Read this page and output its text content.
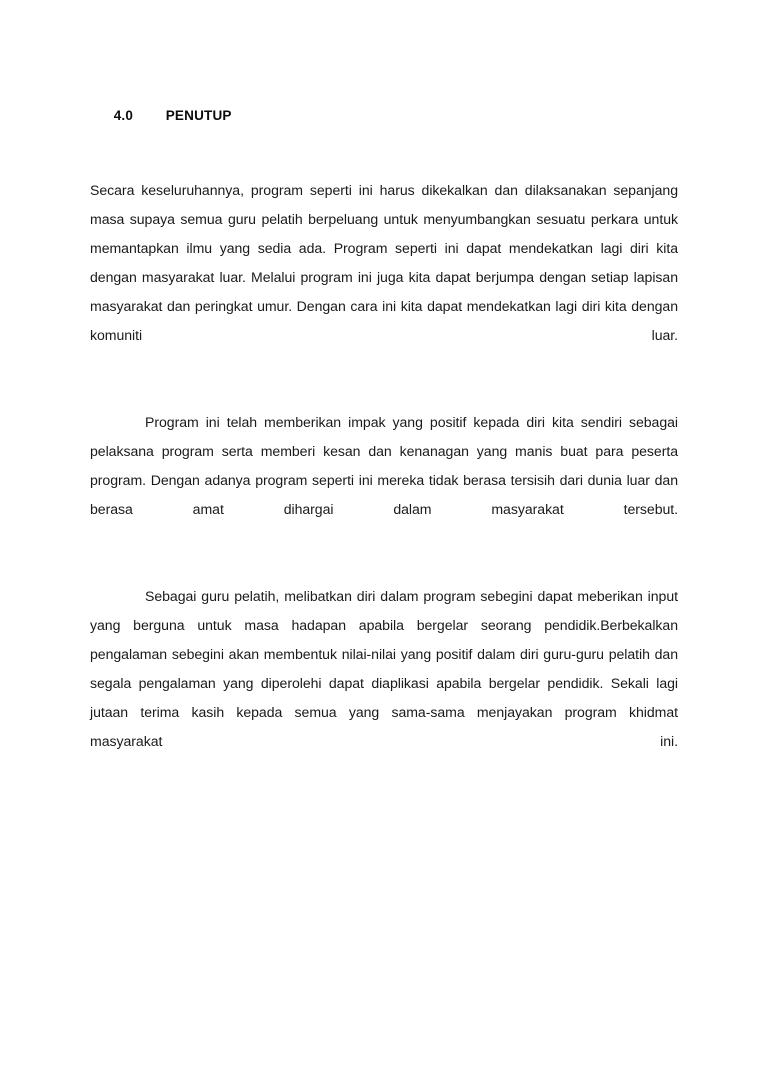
4.0 PENUTUP

Secara keseluruhannya, program seperti ini harus dikekalkan dan dilaksanakan sepanjang masa supaya semua guru pelatih berpeluang untuk menyumbangkan sesuatu perkara untuk memantapkan ilmu yang sedia ada. Program seperti ini dapat mendekatkan lagi diri kita dengan masyarakat luar. Melalui program ini juga kita dapat berjumpa dengan setiap lapisan masyarakat dan peringkat umur. Dengan cara ini kita dapat mendekatkan lagi diri kita dengan komuniti luar.

Program ini telah memberikan impak yang positif kepada diri kita sendiri sebagai pelaksana program serta memberi kesan dan kenanagan yang manis buat para peserta program. Dengan adanya program seperti ini mereka tidak berasa tersisih dari dunia luar dan berasa amat dihargai dalam masyarakat tersebut.

Sebagai guru pelatih, melibatkan diri dalam program sebegini dapat meberikan input yang berguna untuk masa hadapan apabila bergelar seorang pendidik.Berbekalkan pengalaman sebegini akan membentuk nilai-nilai yang positif dalam diri guru-guru pelatih dan segala pengalaman yang diperolehi dapat diaplikasi apabila bergelar pendidik. Sekali lagi jutaan terima kasih kepada semua yang sama-sama menjayakan program khidmat masyarakat ini.
